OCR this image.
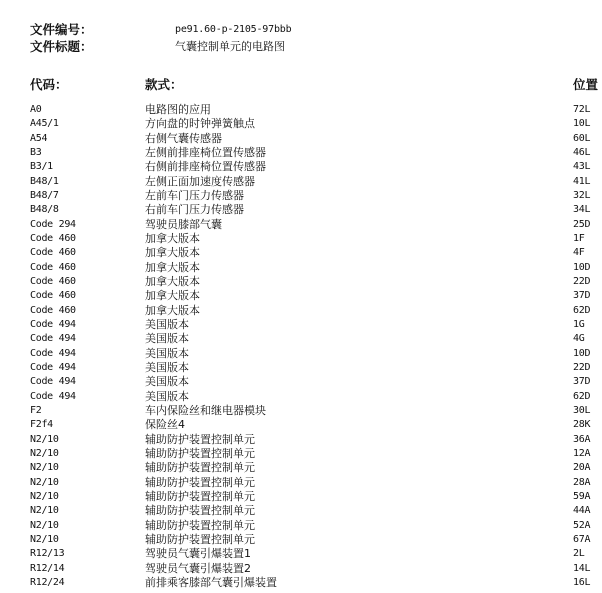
文件编号：	pe91.60-p-2105-97bbb
文件标题：	气囊控制单元的电路图
代码：	款式：	位置
A0	电路图的应用	72L
A45/1	方向盘的时钟弹簧触点	10L
A54	右侧气囊传感器	60L
B3	左侧前排座椅位置传感器	46L
B3/1	右侧前排座椅位置传感器	43L
B48/1	左侧正面加速度传感器	41L
B48/7	左前车门压力传感器	32L
B48/8	右前车门压力传感器	34L
Code 294	驾驶员膝部气囊	25D
Code 460	加拿大版本	1F
Code 460	加拿大版本	4F
Code 460	加拿大版本	10D
Code 460	加拿大版本	22D
Code 460	加拿大版本	37D
Code 460	加拿大版本	62D
Code 494	美国版本	1G
Code 494	美国版本	4G
Code 494	美国版本	10D
Code 494	美国版本	22D
Code 494	美国版本	37D
Code 494	美国版本	62D
F2	车内保险丝和继电器模块	30L
F2f4	保险丝4	28K
N2/10	辅助防护装置控制单元	36A
N2/10	辅助防护装置控制单元	12A
N2/10	辅助防护装置控制单元	20A
N2/10	辅助防护装置控制单元	28A
N2/10	辅助防护装置控制单元	59A
N2/10	辅助防护装置控制单元	44A
N2/10	辅助防护装置控制单元	52A
N2/10	辅助防护装置控制单元	67A
R12/13	驾驶员气囊引爆装置1	2L
R12/14	驾驶员气囊引爆装置2	14L
R12/24	前排乘客膝部气囊引爆装置	16L
